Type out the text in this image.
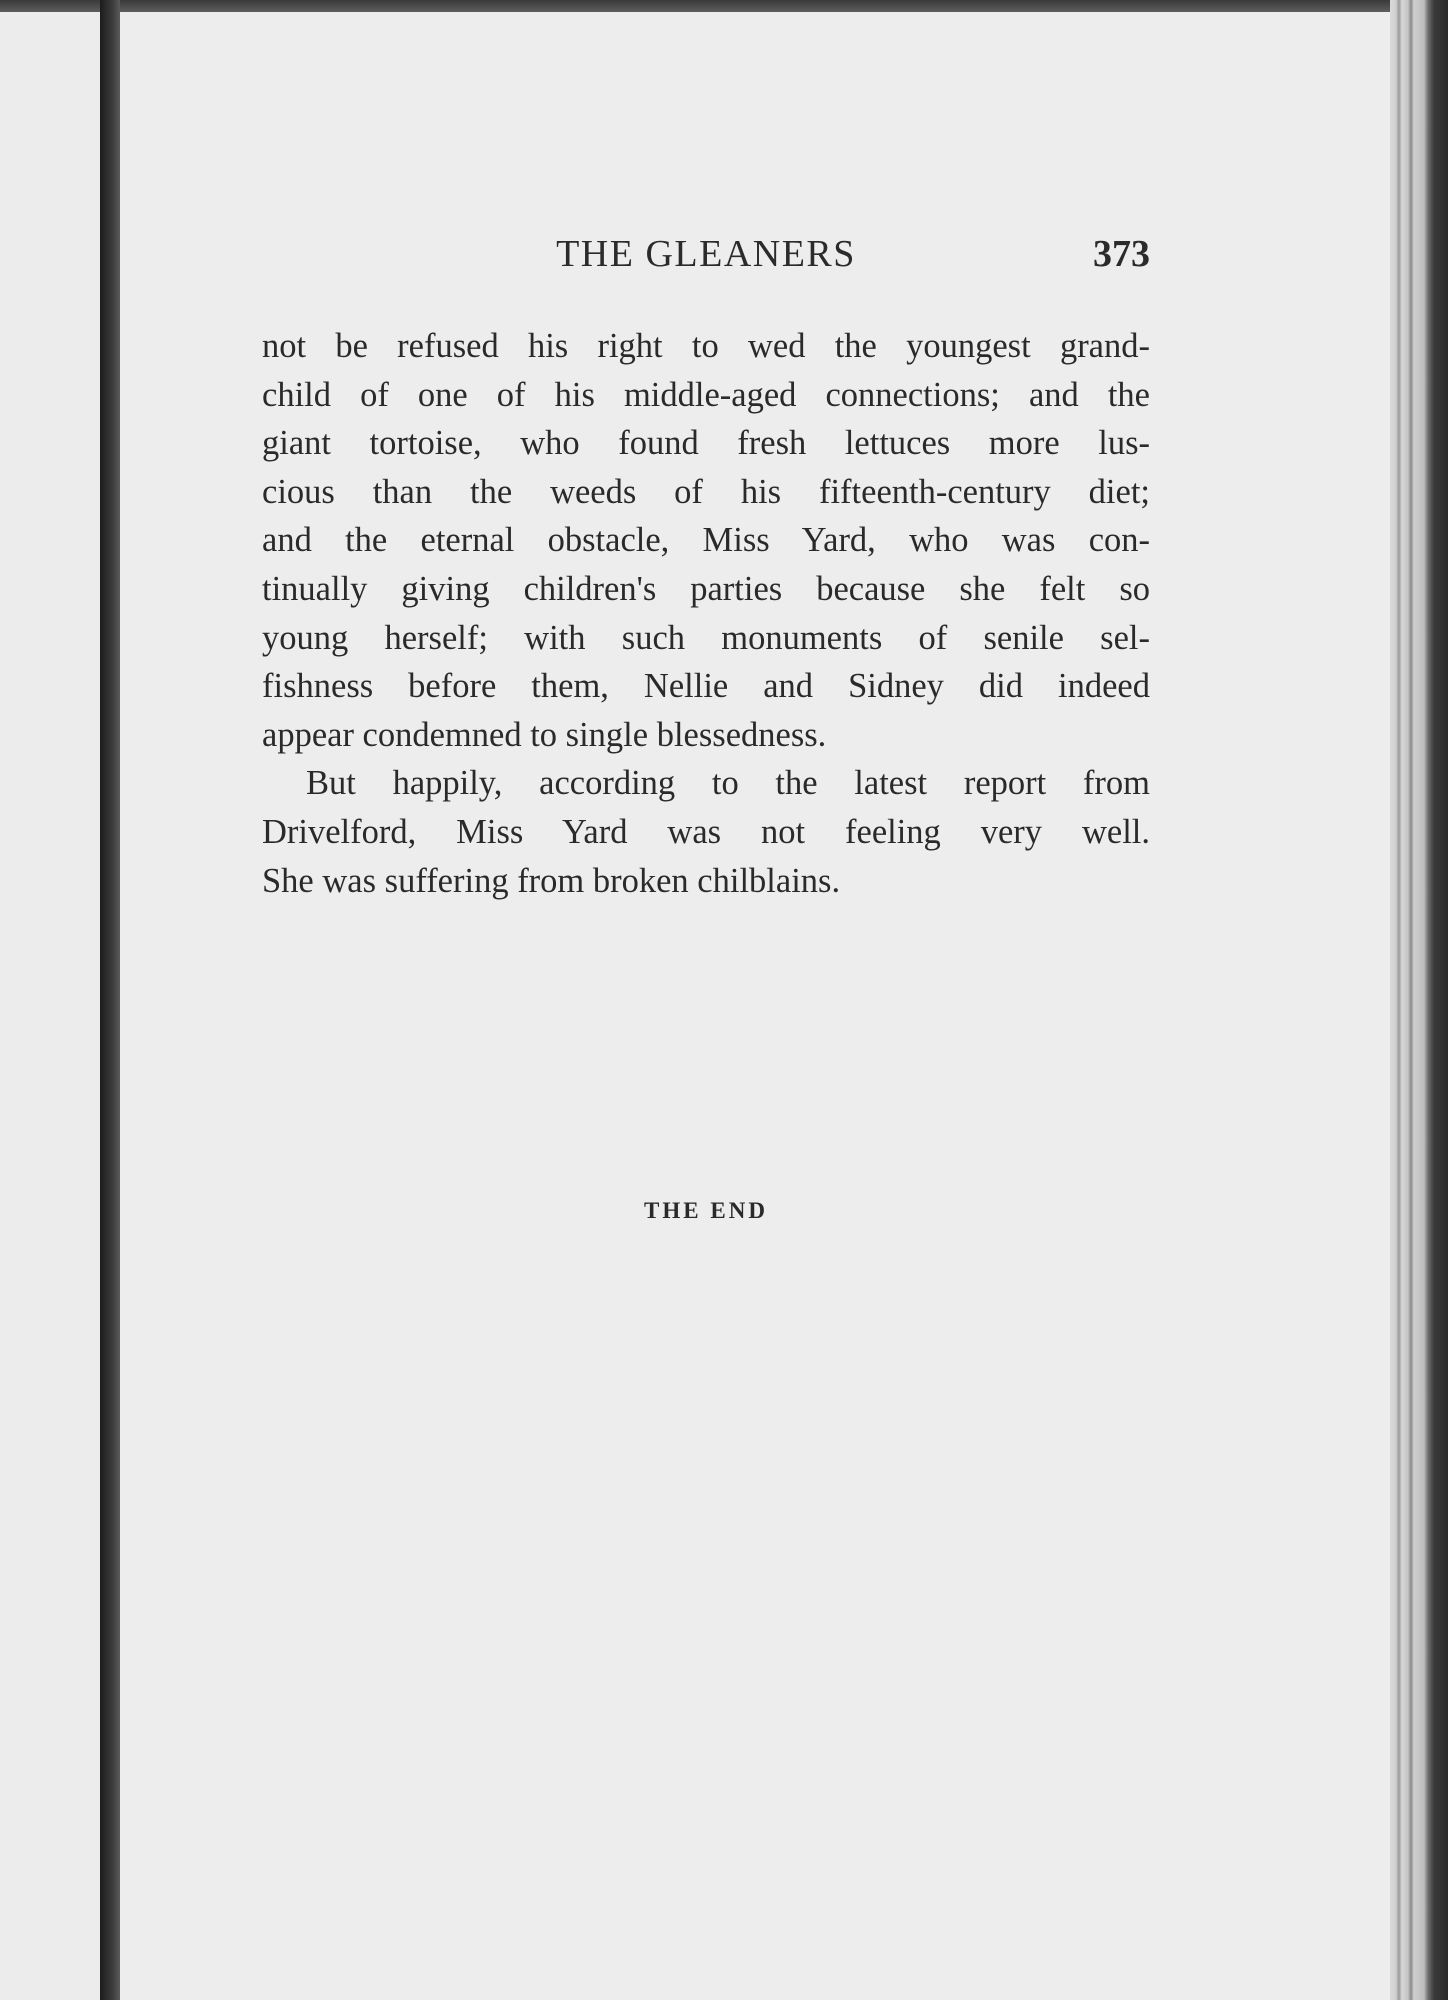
THE GLEANERS	373
not be refused his right to wed the youngest grand-
child of one of his middle-aged connections; and the
giant tortoise, who found fresh lettuces more lus-
cious than the weeds of his fifteenth-century diet;
and the eternal obstacle, Miss Yard, who was con-
tinually giving children's parties because she felt so
young herself; with such monuments of senile sel-
fishness before them, Nellie and Sidney did indeed
appear condemned to single blessedness.
But happily, according to the latest report from
Drivelford, Miss Yard was not feeling very well.
She was suffering from broken chilblains.
THE END
